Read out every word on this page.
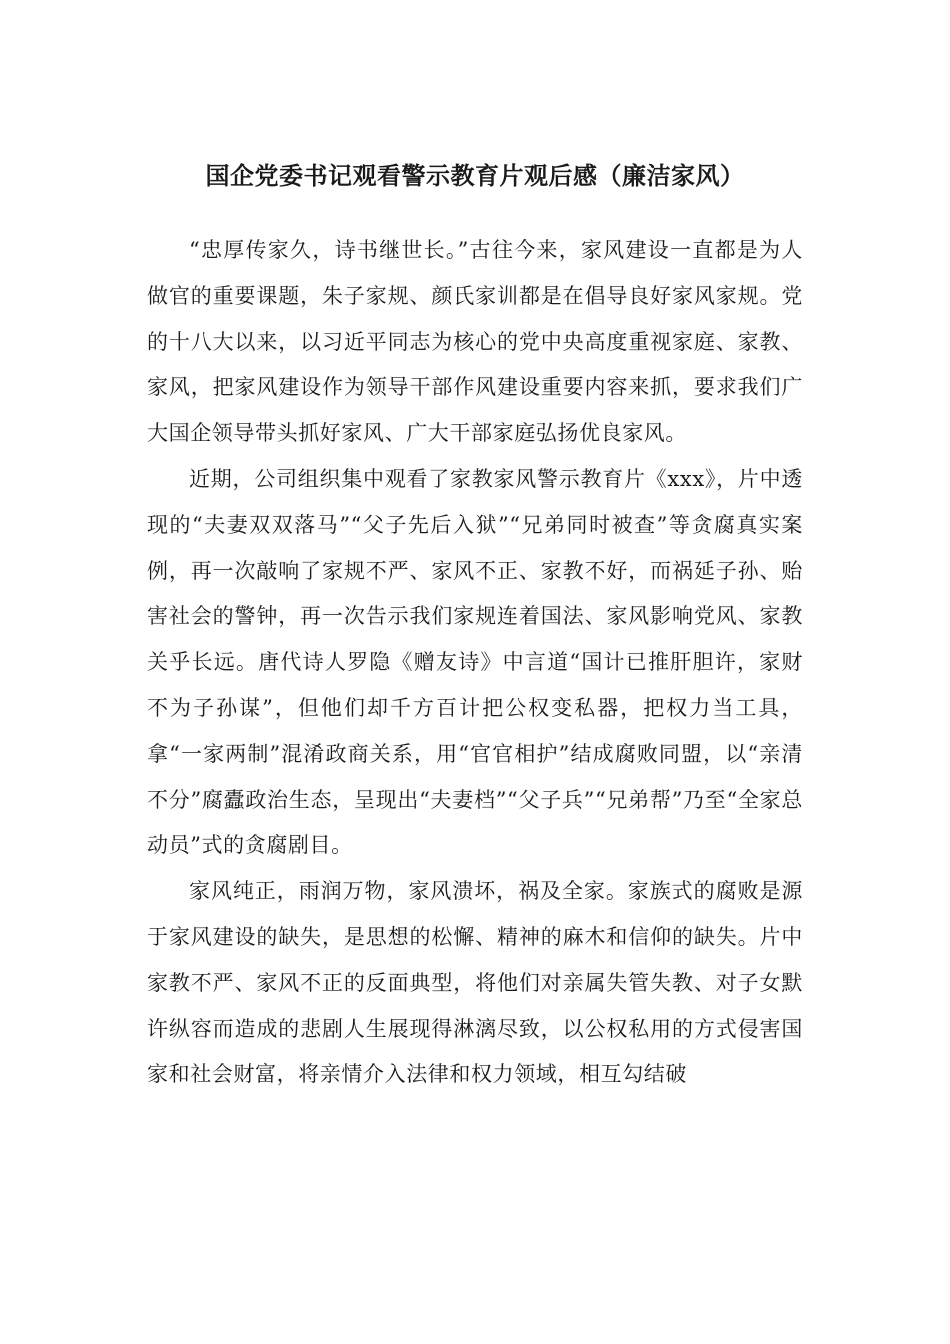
国企党委书记观看警示教育片观后感（廉洁家风）

“忠厚传家久，诗书继世长。”古往今来，家风建设一直都是为人做官的重要课题，朱子家规、颜氏家训都是在倡导良好家风家规。党的十八大以来，以习近平同志为核心的党中央高度重视家庭、家教、家风，把家风建设作为领导干部作风建设重要内容来抓，要求我们广大国企领导带头抓好家风、广大干部家庭弘扬优良家风。

近期，公司组织集中观看了家教家风警示教育片《xxx》，片中透现的“夫妻双双落马”“父子先后入狱”“兄弟同时被查”等贪腐真实案例，再一次敲响了家规不严、家风不正、家教不好，而祸延子孙、贻害社会的警钟，再一次告示我们家规连着国法、家风影响党风、家教关乎长远。唐代诗人罗隐《赠友诗》中言道“国计已推肝胆许，家财不为子孙谋”，但他们却千方百计把公权变私器，把权力当工具，拿“一家两制”混淆政商关系，用“官官相护”结成腐败同盟，以“亲清不分”腐蠹政治生态，呈现出“夫妻档”“父子兵”“兄弟帮”乃至“全家总动员”式的贪腐剧目。

家风纯正，雨润万物，家风溃坏，祸及全家。家族式的腐败是源于家风建设的缺失，是思想的松懈、精神的麻木和信仰的缺失。片中家教不严、家风不正的反面典型，将他们对亲属失管失教、对子女默许纵容而造成的悲剧人生展现得淋漓尽致，以公权私用的方式侵害国家和社会财富，将亲情介入法律和权力领域，相互勾结破
